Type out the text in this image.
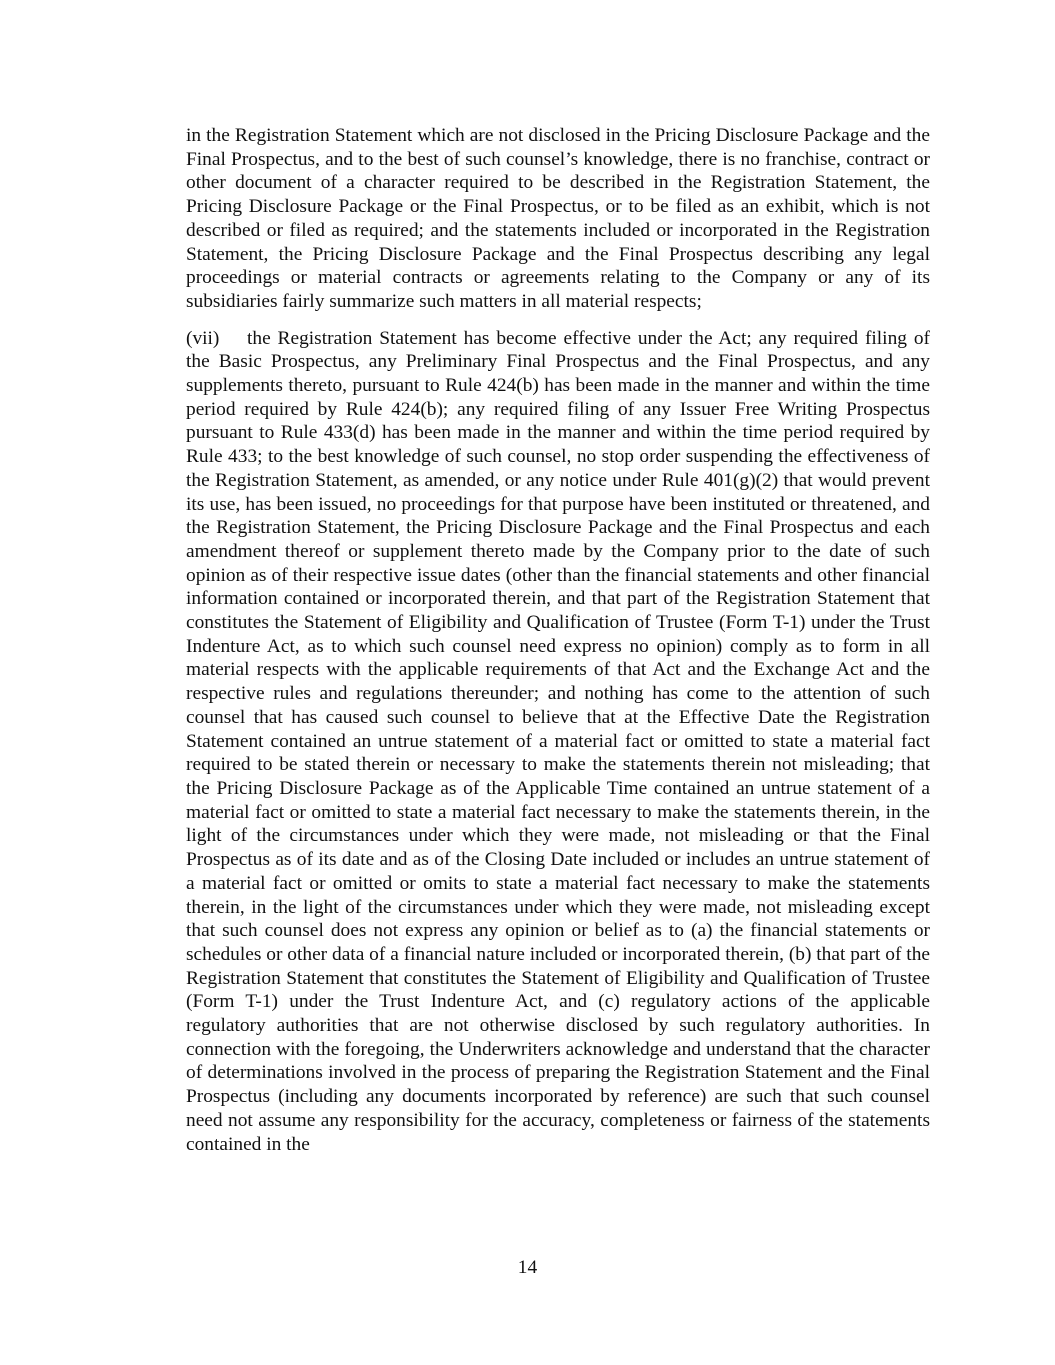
in the Registration Statement which are not disclosed in the Pricing Disclosure Package and the Final Prospectus, and to the best of such counsel’s knowledge, there is no franchise, contract or other document of a character required to be described in the Registration Statement, the Pricing Disclosure Package or the Final Prospectus, or to be filed as an exhibit, which is not described or filed as required; and the statements included or incorporated in the Registration Statement, the Pricing Disclosure Package and the Final Prospectus describing any legal proceedings or material contracts or agreements relating to the Company or any of its subsidiaries fairly summarize such matters in all material respects;

(vii) the Registration Statement has become effective under the Act; any required filing of the Basic Prospectus, any Preliminary Final Prospectus and the Final Prospectus, and any supplements thereto, pursuant to Rule 424(b) has been made in the manner and within the time period required by Rule 424(b); any required filing of any Issuer Free Writing Prospectus pursuant to Rule 433(d) has been made in the manner and within the time period required by Rule 433; to the best knowledge of such counsel, no stop order suspending the effectiveness of the Registration Statement, as amended, or any notice under Rule 401(g)(2) that would prevent its use, has been issued, no proceedings for that purpose have been instituted or threatened, and the Registration Statement, the Pricing Disclosure Package and the Final Prospectus and each amendment thereof or supplement thereto made by the Company prior to the date of such opinion as of their respective issue dates (other than the financial statements and other financial information contained or incorporated therein, and that part of the Registration Statement that constitutes the Statement of Eligibility and Qualification of Trustee (Form T-1) under the Trust Indenture Act, as to which such counsel need express no opinion) comply as to form in all material respects with the applicable requirements of that Act and the Exchange Act and the respective rules and regulations thereunder; and nothing has come to the attention of such counsel that has caused such counsel to believe that at the Effective Date the Registration Statement contained an untrue statement of a material fact or omitted to state a material fact required to be stated therein or necessary to make the statements therein not misleading; that the Pricing Disclosure Package as of the Applicable Time contained an untrue statement of a material fact or omitted to state a material fact necessary to make the statements therein, in the light of the circumstances under which they were made, not misleading or that the Final Prospectus as of its date and as of the Closing Date included or includes an untrue statement of a material fact or omitted or omits to state a material fact necessary to make the statements therein, in the light of the circumstances under which they were made, not misleading except that such counsel does not express any opinion or belief as to (a) the financial statements or schedules or other data of a financial nature included or incorporated therein, (b) that part of the Registration Statement that constitutes the Statement of Eligibility and Qualification of Trustee (Form T-1) under the Trust Indenture Act, and (c) regulatory actions of the applicable regulatory authorities that are not otherwise disclosed by such regulatory authorities. In connection with the foregoing, the Underwriters acknowledge and understand that the character of determinations involved in the process of preparing the Registration Statement and the Final Prospectus (including any documents incorporated by reference) are such that such counsel need not assume any responsibility for the accuracy, completeness or fairness of the statements contained in the

14
